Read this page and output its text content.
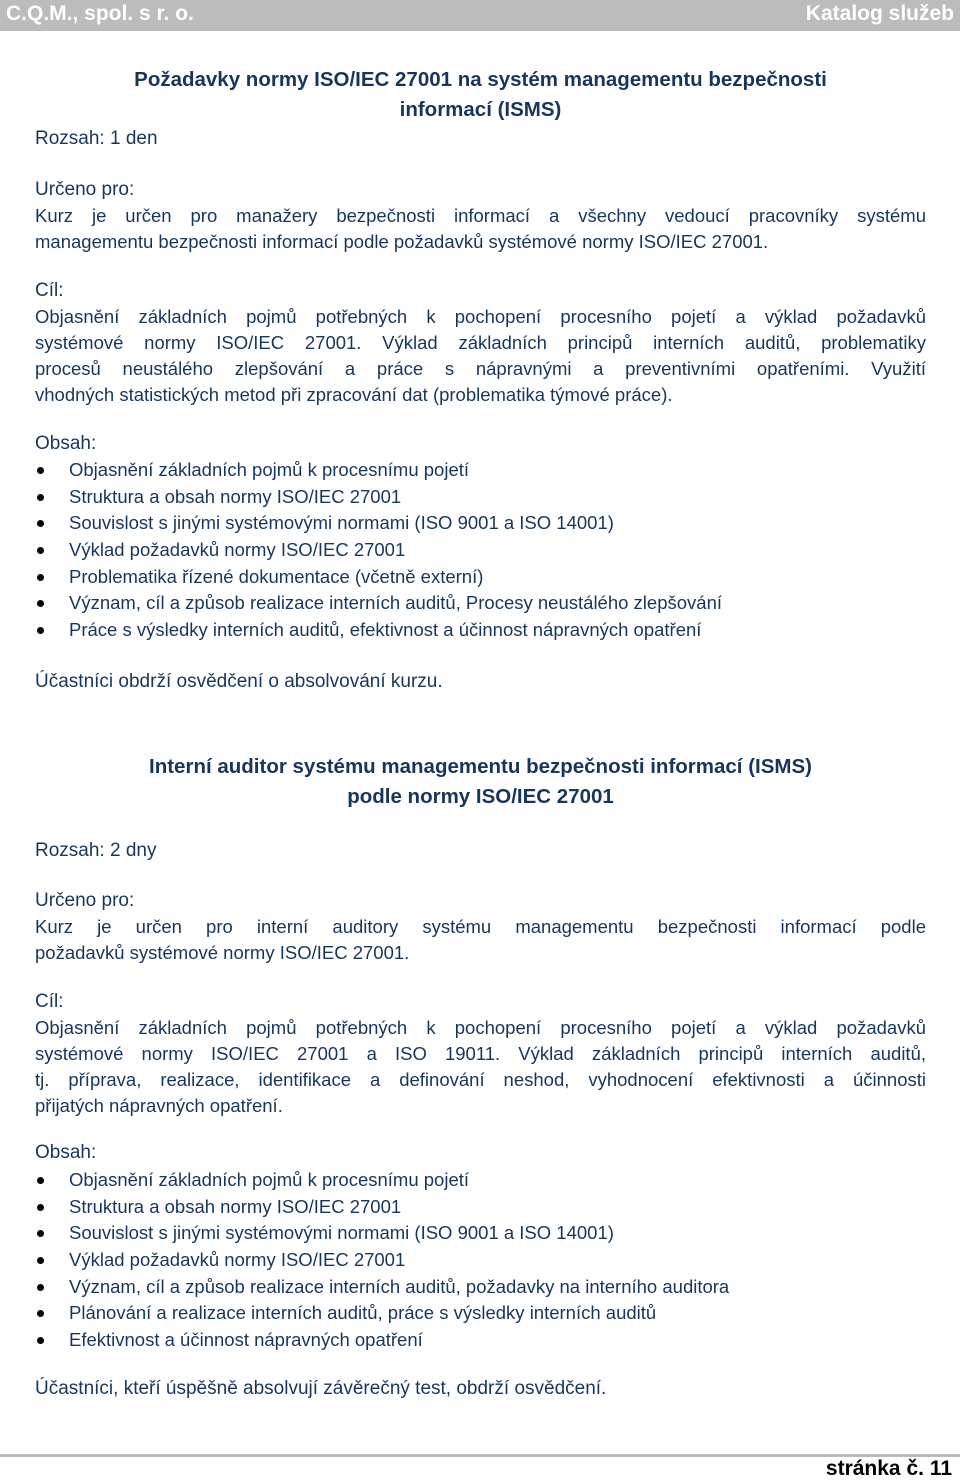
C.Q.M., spol. s r. o.	Katalog služeb
Požadavky normy ISO/IEC 27001 na systém managementu bezpečnosti
informací (ISMS)
Rozsah: 1 den
Určeno pro:
Kurz je určen pro manažery bezpečnosti informací a všechny vedoucí pracovníky systému
managementu bezpečnosti informací podle požadavků systémové normy ISO/IEC 27001.
Cíl:
Objasnění základních pojmů potřebných k pochopení procesního pojetí a výklad požadavků
systémové normy ISO/IEC 27001. Výklad základních principů interních auditů, problematiky
procesů neustálého zlepšování a práce s nápravnými a preventivními opatřeními. Využití
vhodných statistických metod při zpracování dat (problematika týmové práce).
Obsah:
Objasnění základních pojmů k procesnímu pojetí
Struktura a obsah normy ISO/IEC 27001
Souvislost s jinými systémovými normami (ISO 9001 a ISO 14001)
Výklad požadavků normy ISO/IEC 27001
Problematika řízené dokumentace (včetně externí)
Význam, cíl a způsob realizace interních auditů, Procesy neustálého zlepšování
Práce s výsledky interních auditů, efektivnost a účinnost nápravných opatření
Účastníci obdrží osvědčení o absolvování kurzu.
Interní auditor systému managementu bezpečnosti informací (ISMS)
podle normy ISO/IEC 27001
Rozsah: 2 dny
Určeno pro:
Kurz je určen pro interní auditory systému managementu bezpečnosti informací podle
požadavků systémové normy ISO/IEC 27001.
Cíl:
Objasnění základních pojmů potřebných k pochopení procesního pojetí a výklad požadavků
systémové normy ISO/IEC 27001 a ISO 19011. Výklad základních principů interních auditů,
tj. příprava, realizace, identifikace a definování neshod, vyhodnocení efektivnosti a účinnosti
přijatých nápravných opatření.
Obsah:
Objasnění základních pojmů k procesnímu pojetí
Struktura a obsah normy ISO/IEC 27001
Souvislost s jinými systémovými normami (ISO 9001 a ISO 14001)
Výklad požadavků normy ISO/IEC 27001
Význam, cíl a způsob realizace interních auditů, požadavky na interního auditora
Plánování a realizace interních auditů, práce s výsledky interních auditů
Efektivnost a účinnost nápravných opatření
Účastníci, kteří úspěšně absolvují závěrečný test, obdrží osvědčení.
stránka č. 11
